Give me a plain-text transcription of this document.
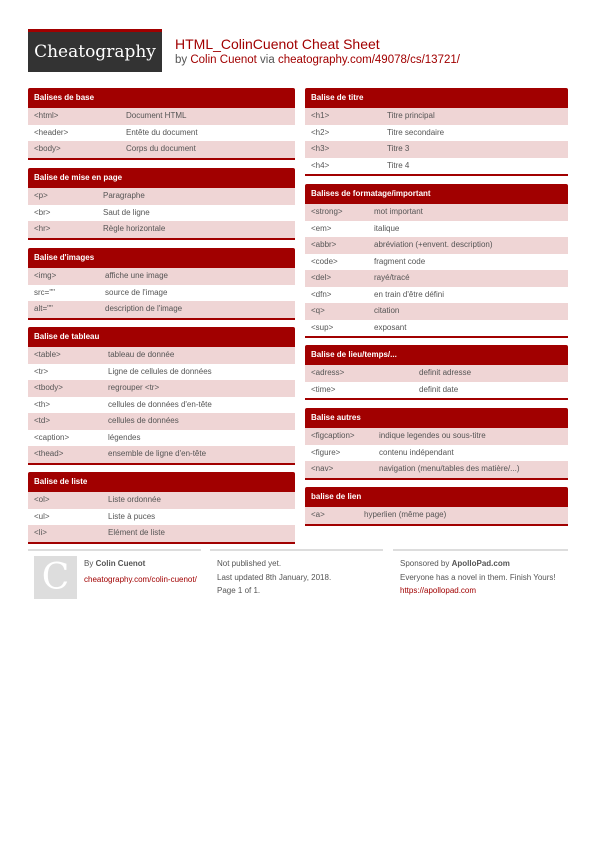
Cheatography	HTML_ColinCuenot Cheat Sheet
by Colin Cuenot via cheatography.com/49078/cs/13721/
Balises de base
<html>	Document HTML
<header>	Entête du document
<body>	Corps du document
Balise de mise en page
<p>	Paragraphe
<br>	Saut de ligne
<hr>	Règle horizontale
Balise d'images
<img>	affiche une image
src=""	source de l'image
alt=""	description de l'image
Balise de tableau
<table>	tableau de donnée
<tr>	Ligne de cellules de données
<tbody>	regrouper <tr>
<th>	cellules de données d'en-tête
<td>	cellules de données
<caption>	légendes
<thead>	ensemble de ligne d'en-tête
Balise de liste
<ol>	Liste ordonnée
<ul>	Liste à puces
<li>	Elément de liste
Balise de titre
<h1>	Titre principal
<h2>	Titre secondaire
<h3>	Titre 3
<h4>	Titre 4
Balises de formatage/important
<strong>	mot important
<em>	italique
<abbr>	abréviation (+envent. description)
<code>	fragment code
<del>	rayé/tracé
<dfn>	en train d'être défini
<q>	citation
<sup>	exposant
Balise de lieu/temps/...
<adress>	definit adresse
<time>	definit date
Balise autres
<figcaption>	indique legendes ou sous-titre
<figure>	contenu indépendant
<nav>	navigation (menu/tables des matière/...)
balise de lien
<a>	hyperlien (même page)
C	By Colin Cuenot
cheatography.com/colin-cuenot/
Not published yet.
Last updated 8th January, 2018.
Page 1 of 1.
Sponsored by ApolloPad.com
Everyone has a novel in them. Finish Yours!
https://apollopad.com
